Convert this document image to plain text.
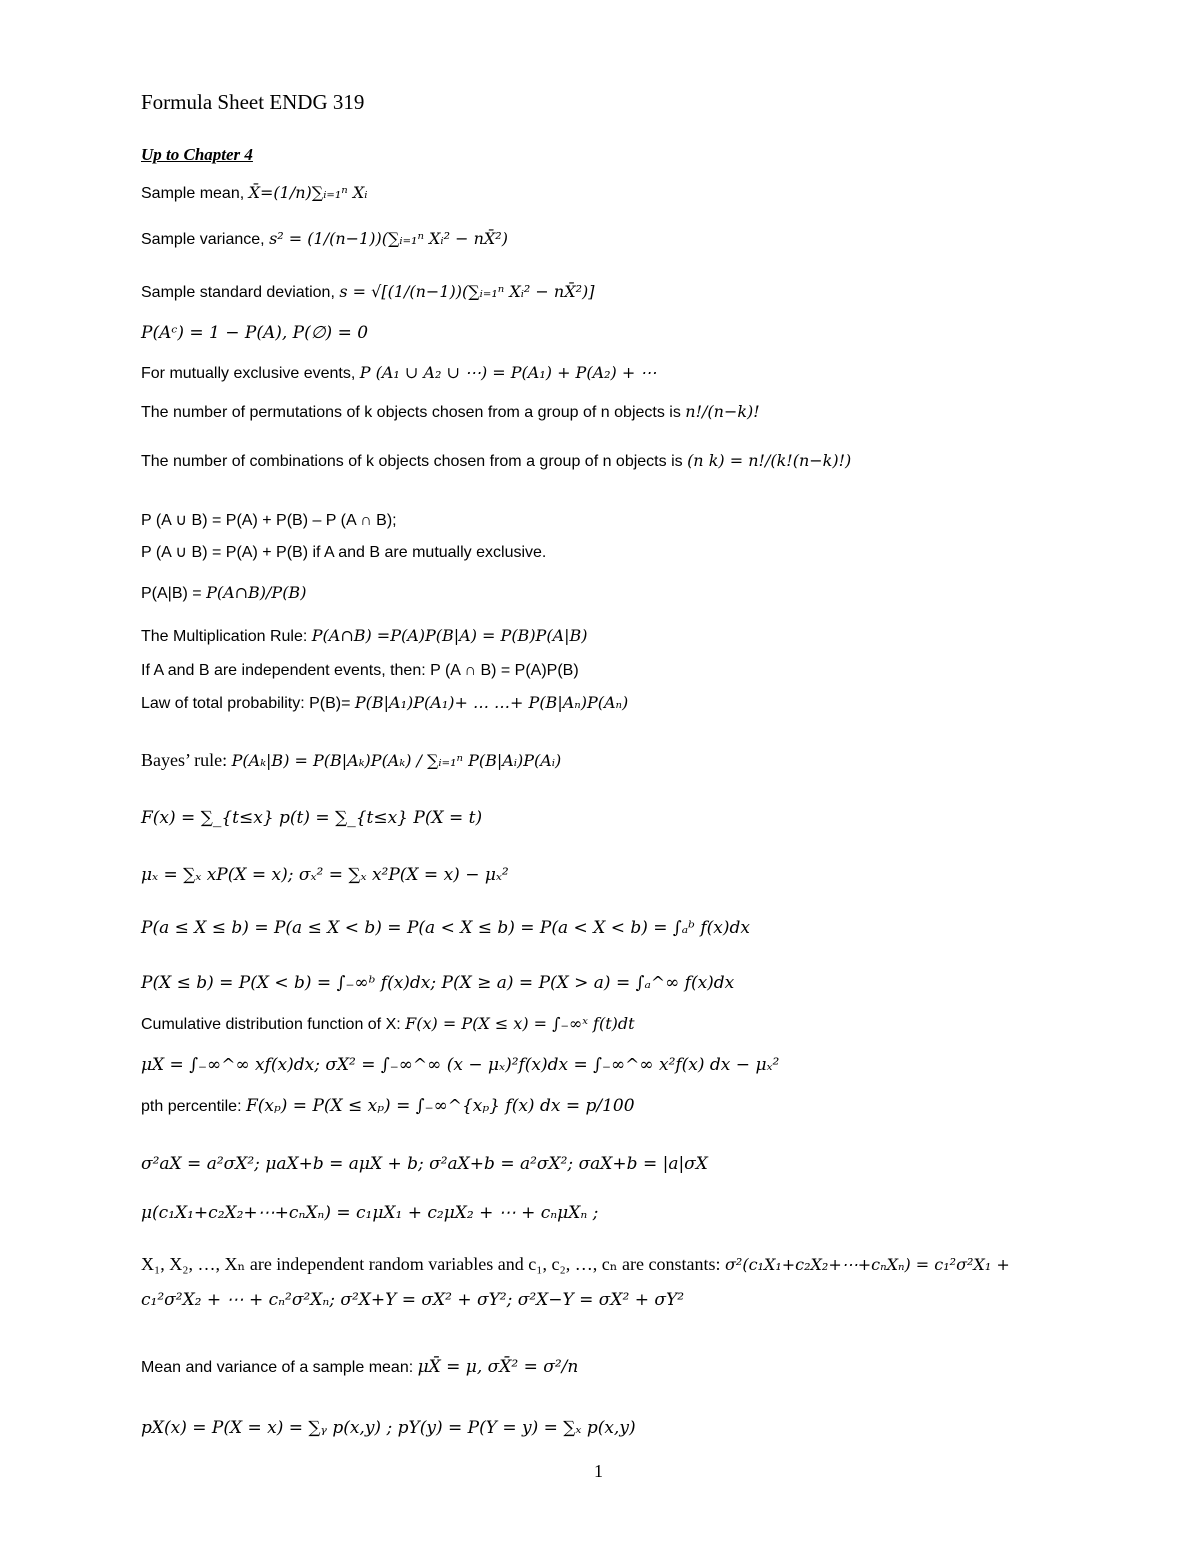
Formula Sheet ENDG 319
Up to Chapter 4
Sample mean, X̄=(1/n)∑ᵢ₌₁ⁿ Xᵢ
Sample variance, s² = (1/(n−1))(∑ᵢ₌₁ⁿ Xᵢ² − nX̄²)
Sample standard deviation, s = √[(1/(n−1))(∑ᵢ₌₁ⁿ Xᵢ² − nX̄²)]
P(Aᶜ) = 1 − P(A), P(∅) = 0
For mutually exclusive events, P (A₁ ∪ A₂ ∪ ⋯) = P(A₁) + P(A₂) + ⋯
The number of permutations of k objects chosen from a group of n objects is n!/(n−k)!
The number of combinations of k objects chosen from a group of n objects is (n k) = n!/(k!(n−k)!)
P (A ∪ B) = P(A) + P(B) – P (A ∩ B);
P (A ∪ B) = P(A) + P(B) if A and B are mutually exclusive.
P(A|B) = P(A∩B)/P(B)
The Multiplication Rule: P(A∩B) =P(A)P(B|A) = P(B)P(A|B)
If A and B are independent events, then: P (A ∩ B) = P(A)P(B)
Law of total probability: P(B)= P(B|A₁)P(A₁)+ … …+ P(B|Aₙ)P(Aₙ)
Bayes’ rule: P(Aₖ|B) = P(B|Aₖ)P(Aₖ) / ∑ᵢ₌₁ⁿ P(B|Aᵢ)P(Aᵢ)
F(x) = ∑_{t≤x} p(t) = ∑_{t≤x} P(X = t)
μₓ = ∑ₓ xP(X = x); σₓ² = ∑ₓ x²P(X = x) − μₓ²
P(a ≤ X ≤ b) = P(a ≤ X < b) = P(a < X ≤ b) = P(a < X < b) = ∫ₐᵇ f(x)dx
P(X ≤ b) = P(X < b) = ∫₋∞ᵇ f(x)dx; P(X ≥ a) = P(X > a) = ∫ₐ^∞ f(x)dx
Cumulative distribution function of X: F(x) = P(X ≤ x) = ∫₋∞ˣ f(t)dt
μX = ∫₋∞^∞ xf(x)dx; σX² = ∫₋∞^∞ (x − μₓ)²f(x)dx = ∫₋∞^∞ x²f(x) dx − μₓ²
pth percentile: F(xₚ) = P(X ≤ xₚ) = ∫₋∞^{xₚ} f(x) dx = p/100
σ²aX = a²σX²; μaX+b = aμX + b; σ²aX+b = a²σX²; σaX+b = |a|σX
μ(c₁X₁+c₂X₂+⋯+cₙXₙ) = c₁μX₁ + c₂μX₂ + ⋯ + cₙμXₙ ;
X₁, X₂, …, Xₙ are independent random variables and c₁, c₂, …, cₙ are constants: σ²(c₁X₁+c₂X₂+⋯+cₙXₙ) = c₁²σ²X₁ +
c₁²σ²X₂ + ⋯ + cₙ²σ²Xₙ; σ²X+Y = σX² + σY²; σ²X−Y = σX² + σY²
Mean and variance of a sample mean: μX̄ = μ, σX̄² = σ²/n
pX(x) = P(X = x) = ∑ᵧ p(x,y) ; pY(y) = P(Y = y) = ∑ₓ p(x,y)
1
